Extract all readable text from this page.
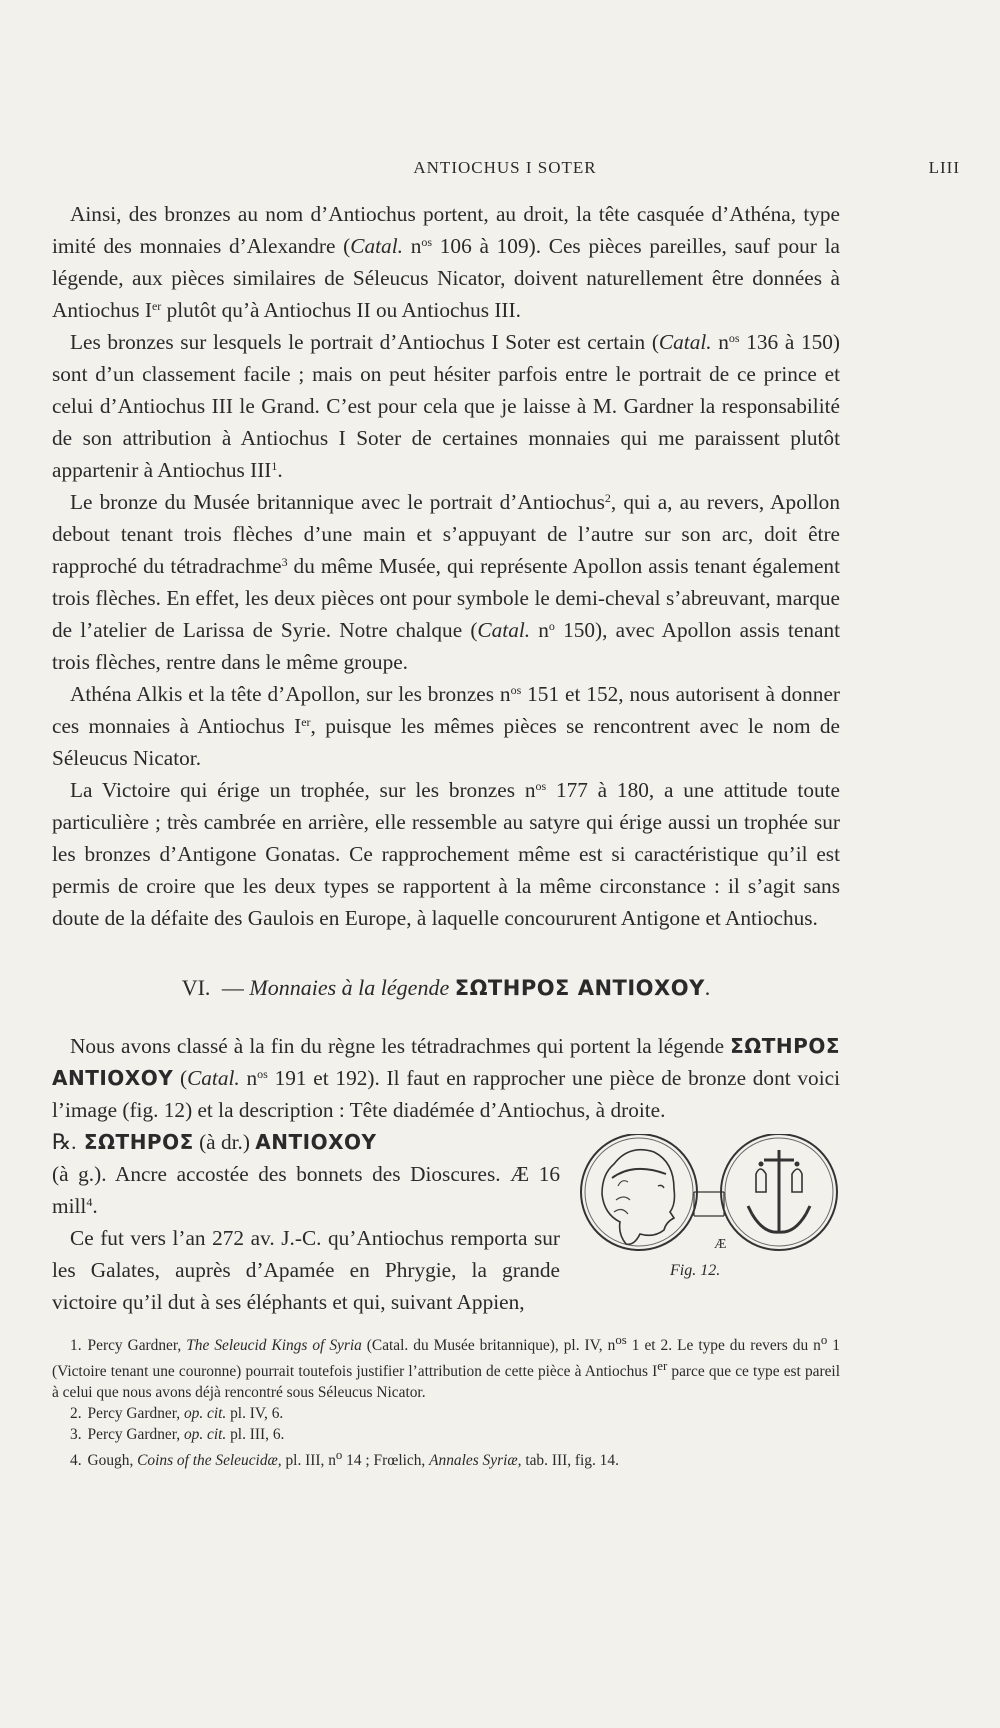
ANTIOCHUS I SOTER	LIII

Ainsi, des bronzes au nom d’Antiochus portent, au droit, la tête casquée d’Athéna, type imité des monnaies d’Alexandre (Catal. $n^{os}$ 106 à 109). Ces pièces pareilles, sauf pour la légende, aux pièces similaires de Séleucus Nicator, doivent naturellement être données à Antiochus Ier plutôt qu’à Antiochus II ou Antiochus III.

Les bronzes sur lesquels le portrait d’Antiochus I Soter est certain (Catal. $n^{os}$ 136 à 150) sont d’un classement facile ; mais on peut hésiter parfois entre le portrait de ce prince et celui d’Antiochus III le Grand. C’est pour cela que je laisse à M. Gardner la responsabilité de son attribution à Antiochus I Soter de certaines monnaies qui me paraissent plutôt appartenir à Antiochus III$^1$.

Le bronze du Musée britannique avec le portrait d’Antiochus$^2$, qui a, au revers, Apollon debout tenant trois flèches d’une main et s’appuyant de l’autre sur son arc, doit être rapproché du tétradrachme$^3$ du même Musée, qui représente Apollon assis tenant également trois flèches. En effet, les deux pièces ont pour symbole le demi-cheval s’abreuvant, marque de l’atelier de Larissa de Syrie. Notre chalque (Catal. $n^o$ 150), avec Apollon assis tenant trois flèches, rentre dans le même groupe.

Athéna Alkis et la tête d’Apollon, sur les bronzes $n^{os}$ 151 et 152, nous autorisent à donner ces monnaies à Antiochus Ier, puisque les mêmes pièces se rencontrent avec le nom de Séleucus Nicator.

La Victoire qui érige un trophée, sur les bronzes $n^{os}$ 177 à 180, a une attitude toute particulière ; très cambrée en arrière, elle ressemble au satyre qui érige aussi un trophée sur les bronzes d’Antigone Gonatas. Ce rapprochement même est si caractéristique qu’il est permis de croire que les deux types se rapportent à la même circonstance : il s’agit sans doute de la défaite des Gaulois en Europe, à laquelle concoururent Antigone et Antiochus.

VI. — Monnaies à la légende ΣΩΤΗΡΟΣ ΑΝΤΙΟΧΟΥ.

Nous avons classé à la fin du règne les tétradrachmes qui portent la légende ΣΩΤΗΡΟΣ ΑΝΤΙΟΧΟΥ (Catal. $n^{os}$ 191 et 192). Il faut en rapprocher une pièce de bronze dont voici l’image (fig. 12) et la description : Tête diadémée d’Antiochus, à droite.

℞. ΣΩΤΗΡΟΣ (à dr.) ΑΝΤΙΟΧΟΥ

(à g.). Ancre accostée des bonnets des Dioscures. Æ 16 mill$^4$.

Ce fut vers l’an 272 av. J.-C. qu’Antiochus remporta sur les Galates, auprès d’Apamée en Phrygie, la grande victoire qu’il dut à ses éléphants et qui, suivant Appien,

Æ
Fig. 12.

1. Percy Gardner, The Seleucid Kings of Syria (Catal. du Musée britannique), pl. IV, $n^{os}$ 1 et 2. Le type du revers du $n^o$ 1 (Victoire tenant une couronne) pourrait toutefois justifier l’attribution de cette pièce à Antiochus Ier parce que ce type est pareil à celui que nous avons déjà rencontré sous Séleucus Nicator.

2. Percy Gardner, op. cit. pl. IV, 6.

3. Percy Gardner, op. cit. pl. III, 6.

4. Gough, Coins of the Seleucidæ, pl. III, $n^o$ 14 ; Frœlich, Annales Syriæ, tab. III, fig. 14.
